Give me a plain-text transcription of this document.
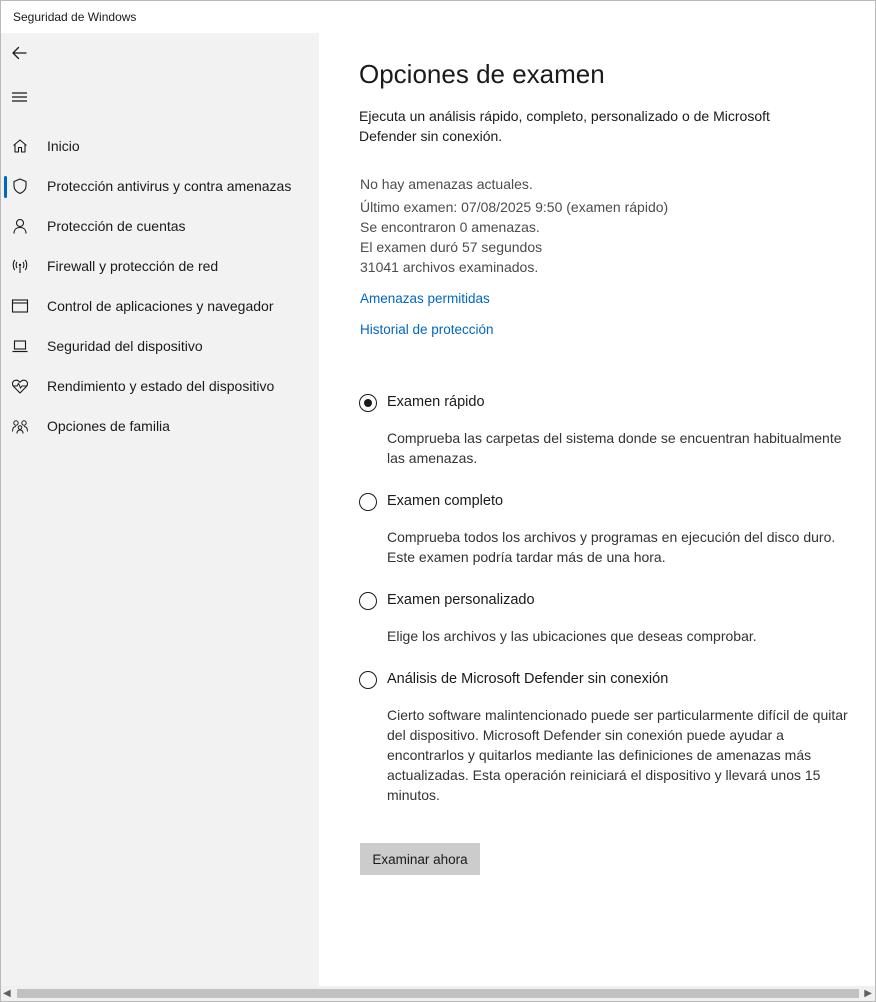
Seguridad de Windows
Inicio
Protección antivirus y contra amenazas
Protección de cuentas
Firewall y protección de red
Control de aplicaciones y navegador
Seguridad del dispositivo
Rendimiento y estado del dispositivo
Opciones de familia
Opciones de examen
Ejecuta un análisis rápido, completo, personalizado o de Microsoft Defender sin conexión.
No hay amenazas actuales.
Último examen: 07/08/2025 9:50 (examen rápido)
Se encontraron 0 amenazas.
El examen duró 57 segundos
31041 archivos examinados.
Amenazas permitidas
Historial de protección
Examen rápido
Comprueba las carpetas del sistema donde se encuentran habitualmente las amenazas.
Examen completo
Comprueba todos los archivos y programas en ejecución del disco duro. Este examen podría tardar más de una hora.
Examen personalizado
Elige los archivos y las ubicaciones que deseas comprobar.
Análisis de Microsoft Defender sin conexión
Cierto software malintencionado puede ser particularmente difícil de quitar del dispositivo. Microsoft Defender sin conexión puede ayudar a encontrarlos y quitarlos mediante las definiciones de amenazas más actualizadas. Esta operación reiniciará el dispositivo y llevará unos 15 minutos.
Examinar ahora
◀	▶
